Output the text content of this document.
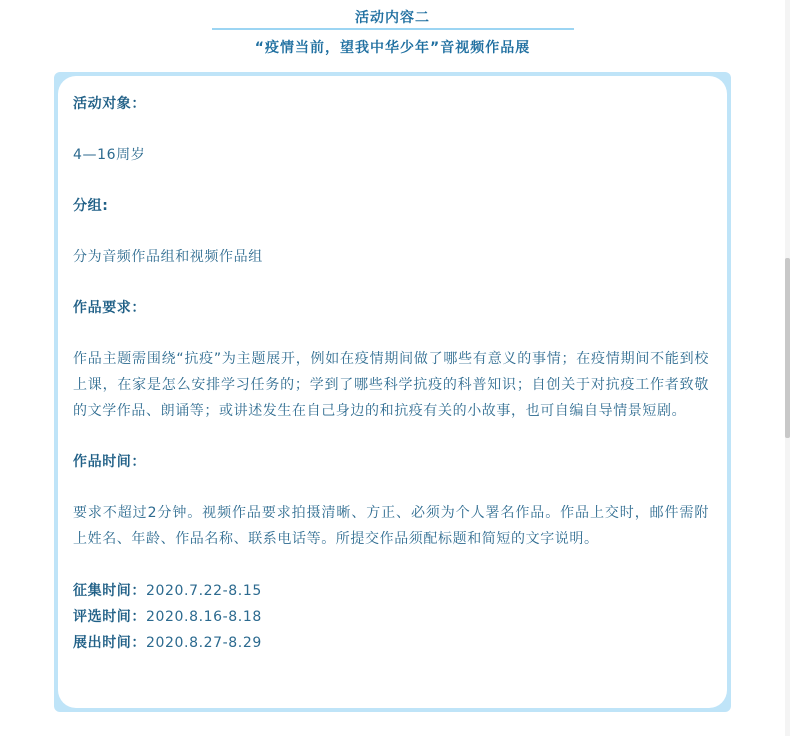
活动内容二
“疫情当前，望我中华少年”音视频作品展
活动对象：
4—16周岁
分组:
分为音频作品组和视频作品组
作品要求：
作品主题需围绕“抗疫”为主题展开，例如在疫情期间做了哪些有意义的事情；在疫情期间不能到校上课，在家是怎么安排学习任务的；学到了哪些科学抗疫的科普知识；自创关于对抗疫工作者致敬的文学作品、朗诵等；或讲述发生在自己身边的和抗疫有关的小故事，也可自编自导情景短剧。
作品时间：
要求不超过2分钟。视频作品要求拍摄清晰、方正、必须为个人署名作品。作品上交时，邮件需附上姓名、年龄、作品名称、联系电话等。所提交作品须配标题和简短的文字说明。
征集时间：2020.7.22-8.15
评选时间：2020.8.16-8.18
展出时间：2020.8.27-8.29
